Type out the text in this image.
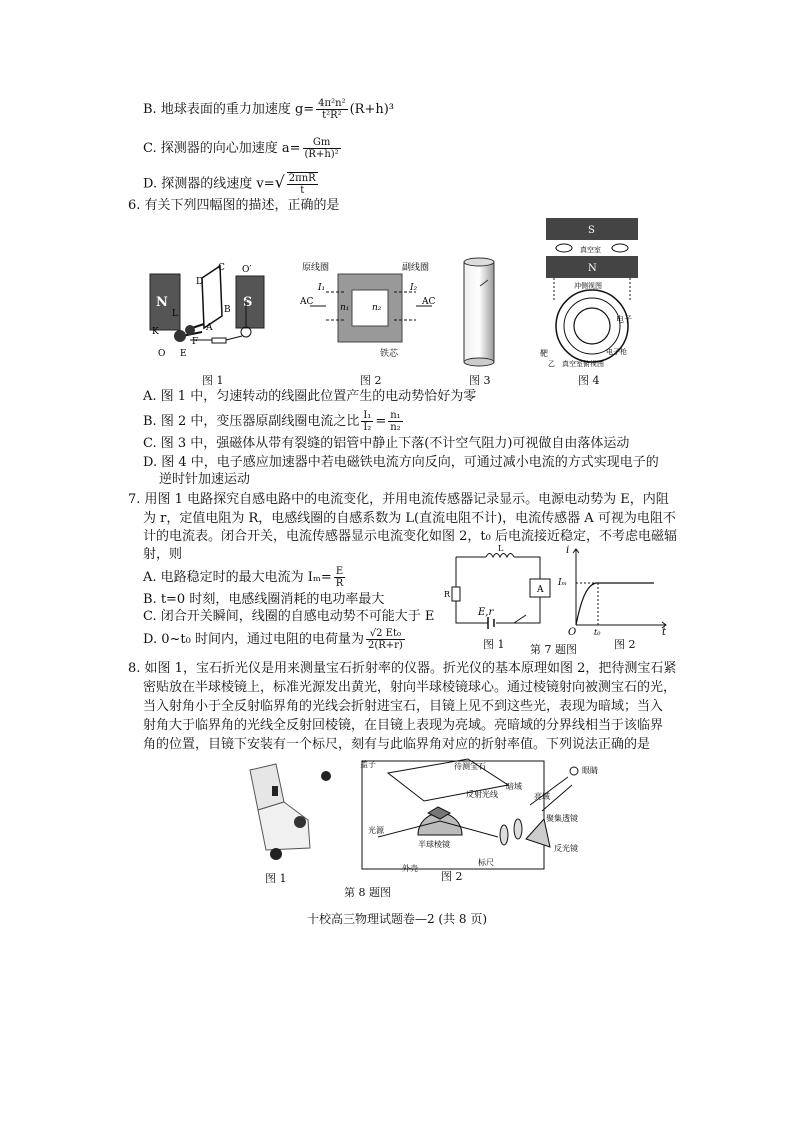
B. 地球表面的重力加速度 $g= \frac{\text{4π²n²}}{\text{t²R²}} (R+h)^3$
C. 探测器的向心加速度 $a= \frac{Gm}{\text{(R+h)²}}$
D. 探测器的线速度 $v=√ \frac{\text{2πnR}}{t}$
6. 有关下列四幅图的描述，正确的是
N	S
C O′
D
B
L
A
K
F
O E
原线圈	副线圈
AC	AC
I₁	I₂
n₁	n₂
铁芯
S
N
真空室
冲侧视图
电子
电子枪
靶
乙 真空室俯视图
图 1	图 2	图 3	图 4
A. 图 1 中，匀速转动的线圈此位置产生的电动势恰好为零
B. 图 2 中，变压器原副线圈电流之比 $\frac{\text{I₁}}{\text{I₂}} = \frac{\text{n₁}}{\text{n₂}}$
C. 图 3 中，强磁体从带有裂缝的铝管中静止下落(不计空气阻力)可视做自由落体运动
D. 图 4 中，电子感应加速器中若电磁铁电流方向反向，可通过减小电流的方式实现电子的
逆时针加速运动
7. 用图 1 电路探究自感电路中的电流变化，并用电流传感器记录显示。电源电动势为 E，内阻
为 r，定值电阻为 R，电感线圈的自感系数为 L(直流电阻不计)，电流传感器 A 可视为电阻不
计的电流表。闭合开关，电流传感器显示电流变化如图 2，t₀ 后电流接近稳定，不考虑电磁辐
射，则
A. 电路稳定时的最大电流为 $I_m= \frac{E}{R}$
B. t=0 时刻，电感线圈消耗的电功率最大
C. 闭合开关瞬间，线圈的自感电动势不可能大于 E
D. 0~t₀ 时间内，通过电阻的电荷量为 $\frac{\text{√2 Et₀}}{2(R+r)}$
L
A
R
E,r
i
Iₘ
t
t₀
O
图 1 第 7 题图	图 2
8. 如图 1，宝石折光仪是用来测量宝石折射率的仪器。折光仪的基本原理如图 2，把待测宝石紧
密贴放在半球棱镜上，标准光源发出黄光，射向半球棱镜球心。通过棱镜射向被测宝石的光，
当入射角小于全反射临界角的光线会折射进宝石，目镜上见不到这些光，表现为暗域；当入
射角大于临界角的光线全反射回棱镜，在目镜上表现为亮域。亮暗域的分界线相当于该临界
角的位置，目镜下安装有一个标尺，刻有与此临界角对应的折射率值。下列说法正确的是
盖子	待测宝石	眼睛
反射光线
暗域
亮域
光源
聚集透镜
半球棱镜	反光镜
标尺
外壳
图 1	图 2
第 8 题图
十校高三物理试题卷—2 (共 8 页)
